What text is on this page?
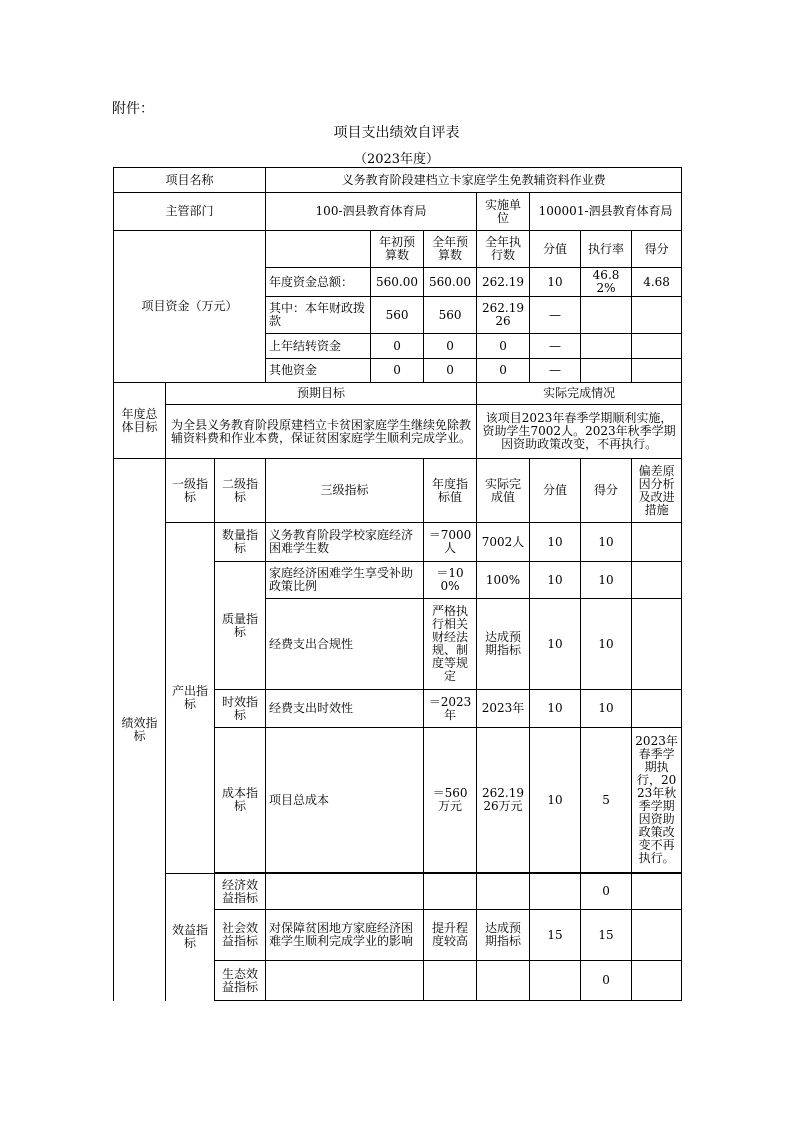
附件：
项目支出绩效自评表
（2023年度）
项目名称			义务教育阶段建档立卡家庭学生免教辅资料作业费						
主管部门			100-泗县教育体育局			实施单位	100001-泗县教育体育局		
项目资金（万元）				年初预算数	全年预算数	全年执行数	分值	执行率	得分
			年度资金总额：	560.00	560.00	262.19	10	46.82%	4.68
			其中：本年财政拨款	560	560	262.1926	—		
			上年结转资金	0	0	0	—		
			其他资金	0	0	0	—		
年度总体目标	预期目标					实际完成情况			
	为全县义务教育阶段原建档立卡贫困家庭学生继续免除教辅资料费和作业本费，保证贫困家庭学生顺利完成学业。					该项目2023年春季学期顺利实施，资助学生7002人。2023年秋季学期因资助政策改变，不再执行。			
绩效指标	一级指标	二级指标	三级指标		年度指标值	实际完成值	分值	得分	偏差原因分析及改进措施
	产出指标	数量指标	义务教育阶段学校家庭经济困难学生数		＝7000人	7002人	10	10	
		质量指标	家庭经济困难学生享受补助政策比例		＝100%	100%	10	10	
			经费支出合规性		严格执行相关财经法规、制度等规定	达成预期指标	10	10	
		时效指标	经费支出时效性		＝2023年	2023年	10	10	
		成本指标	项目总成本		＝560万元	262.1926万元	10	5	2023年春季学期执行，2023年秋季学期因资助政策改变不再执行。

	效益指标	经济效益指标						0	
		社会效益指标	对保障贫困地方家庭经济困难学生顺利完成学业的影响		提升程度较高	达成预期指标	15	15	
		生态效益指标						0	
